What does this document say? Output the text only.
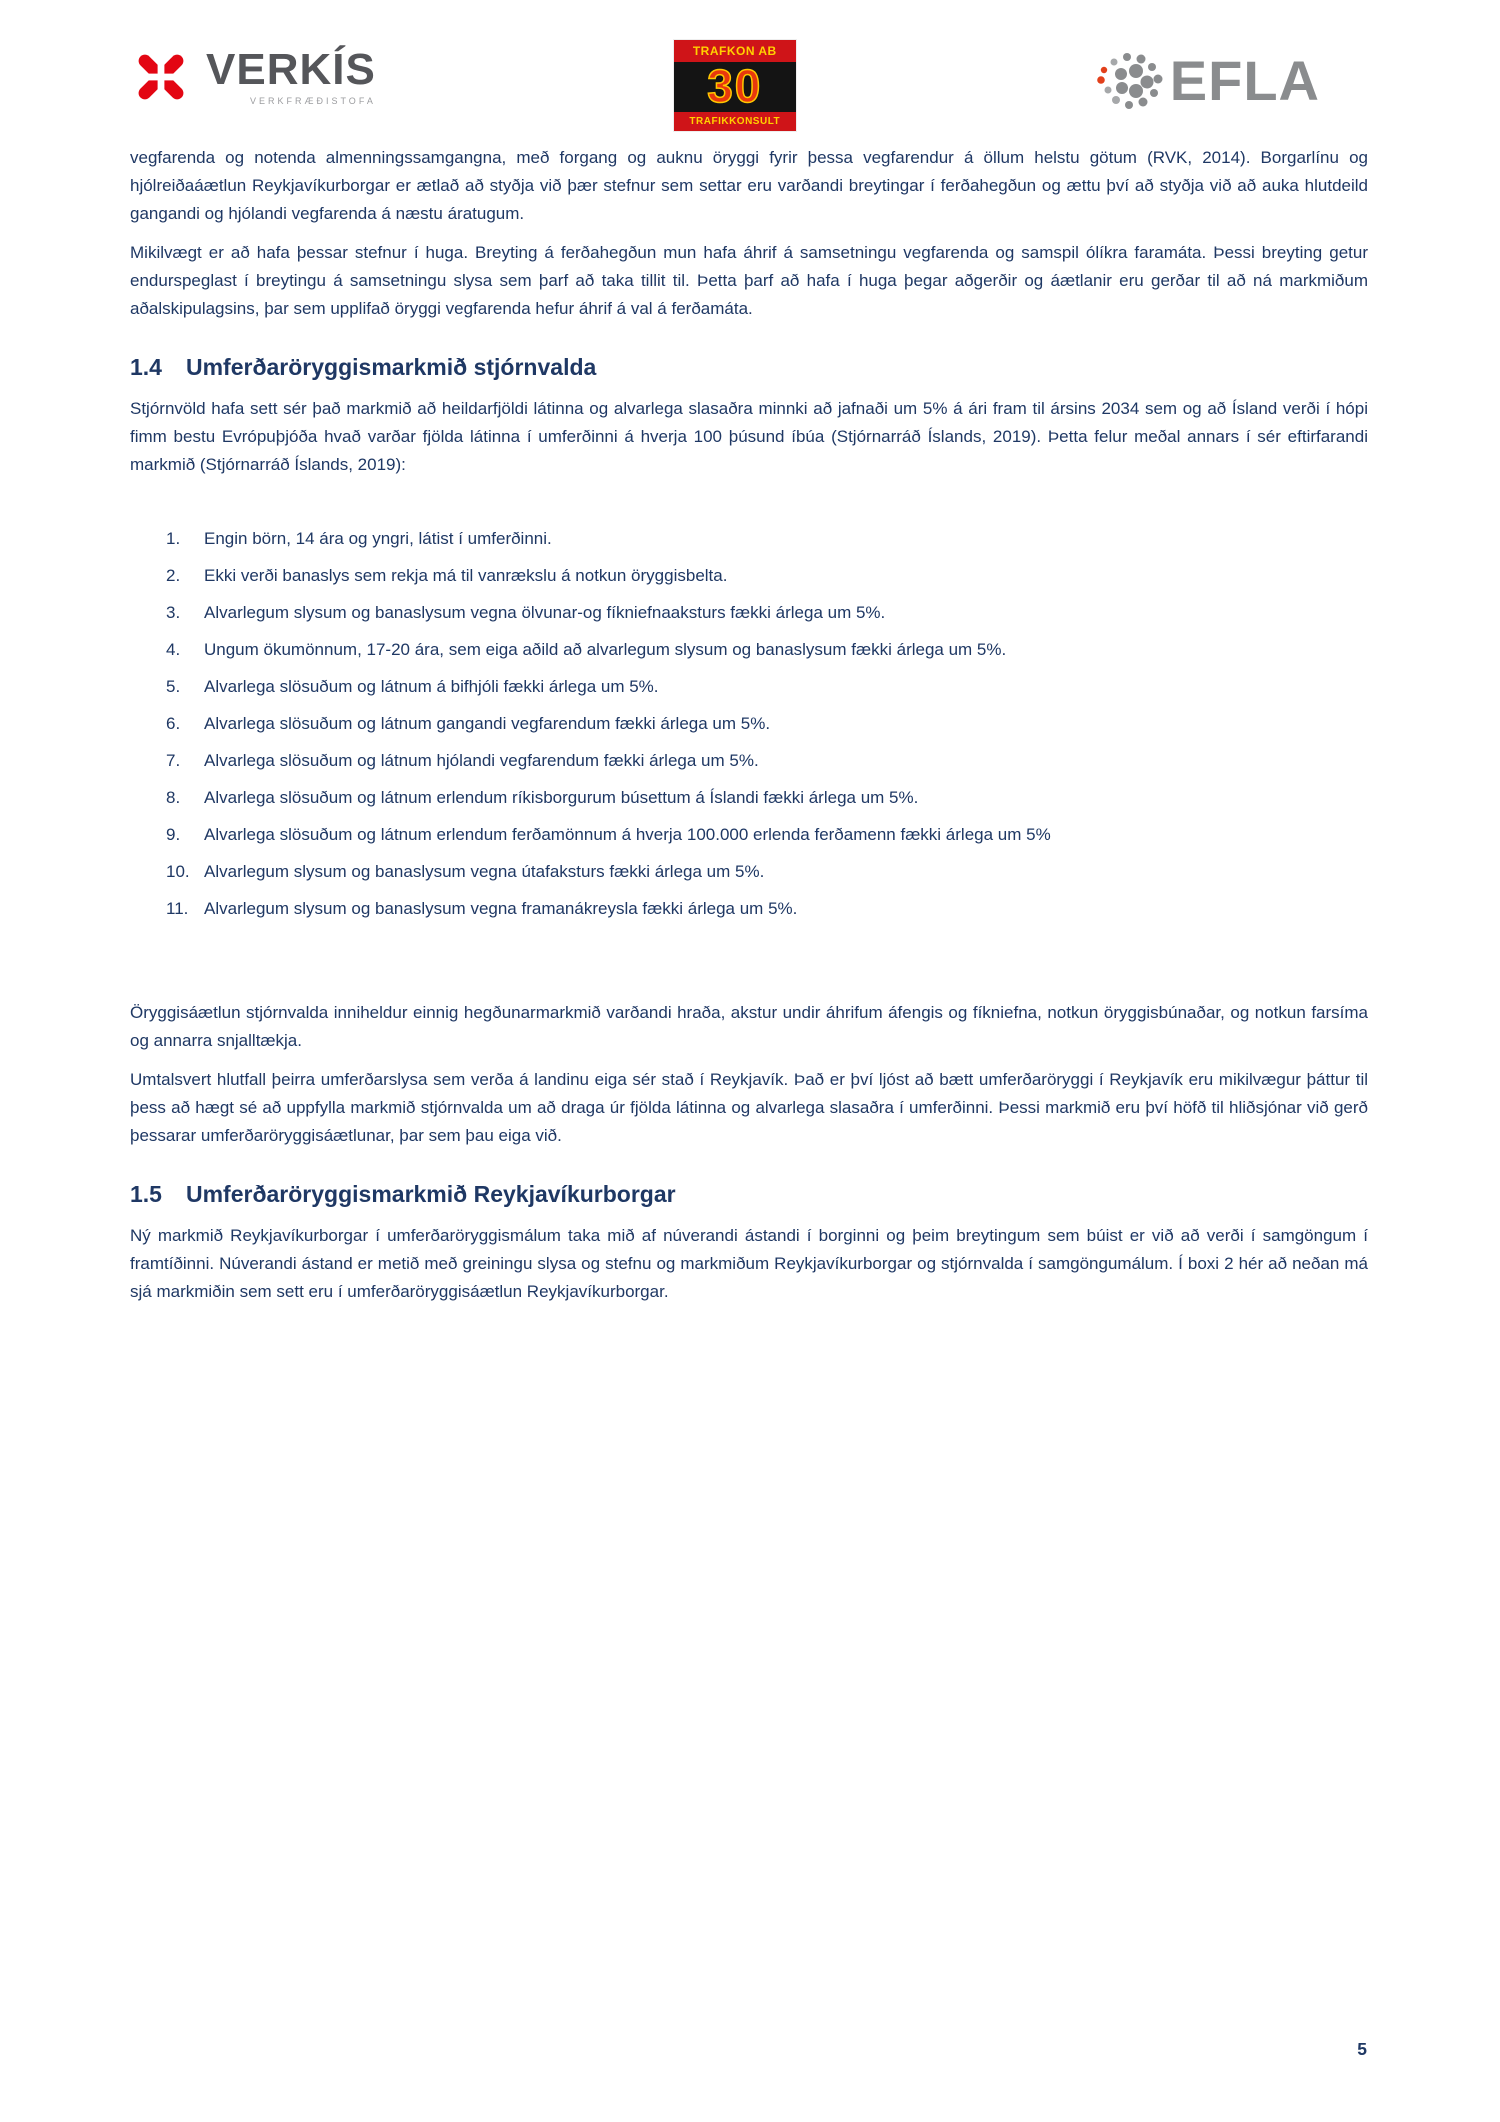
VERKÍS
VERKFRÆÐISTOFA
TRAFKON AB
30
TRAFIKKONSULT
EFLA

vegfarenda og notenda almenningssamgangna, með forgang og auknu öryggi fyrir þessa vegfarendur á öllum helstu götum (RVK, 2014). Borgarlínu og hjólreiðaáætlun Reykjavíkurborgar er ætlað að styðja við þær stefnur sem settar eru varðandi breytingar í ferðahegðun og ættu því að styðja við að auka hlutdeild gangandi og hjólandi vegfarenda á næstu áratugum.

Mikilvægt er að hafa þessar stefnur í huga. Breyting á ferðahegðun mun hafa áhrif á samsetningu vegfarenda og samspil ólíkra faramáta. Þessi breyting getur endurspeglast í breytingu á samsetningu slysa sem þarf að taka tillit til. Þetta þarf að hafa í huga þegar aðgerðir og áætlanir eru gerðar til að ná markmiðum aðalskipulagsins, þar sem upplifað öryggi vegfarenda hefur áhrif á val á ferðamáta.

1.4	Umferðaröryggismarkmið stjórnvalda

Stjórnvöld hafa sett sér það markmið að heildarfjöldi látinna og alvarlega slasaðra minnki að jafnaði um 5% á ári fram til ársins 2034 sem og að Ísland verði í hópi fimm bestu Evrópuþjóða hvað varðar fjölda látinna í umferðinni á hverja 100 þúsund íbúa (Stjórnarráð Íslands, 2019). Þetta felur meðal annars í sér eftirfarandi markmið (Stjórnarráð Íslands, 2019):

Engin börn, 14 ára og yngri, látist í umferðinni.
Ekki verði banaslys sem rekja má til vanrækslu á notkun öryggisbelta.
Alvarlegum slysum og banaslysum vegna ölvunar-og fíkniefnaaksturs fækki árlega um 5%.
Ungum ökumönnum, 17-20 ára, sem eiga aðild að alvarlegum slysum og banaslysum fækki árlega um 5%.
Alvarlega slösuðum og látnum á bifhjóli fækki árlega um 5%.
Alvarlega slösuðum og látnum gangandi vegfarendum fækki árlega um 5%.
Alvarlega slösuðum og látnum hjólandi vegfarendum fækki árlega um 5%.
Alvarlega slösuðum og látnum erlendum ríkisborgurum búsettum á Íslandi fækki árlega um 5%.
Alvarlega slösuðum og látnum erlendum ferðamönnum á hverja 100.000 erlenda ferðamenn fækki árlega um 5%
Alvarlegum slysum og banaslysum vegna útafaksturs fækki árlega um 5%.
Alvarlegum slysum og banaslysum vegna framanákreysla fækki árlega um 5%.

Öryggisáætlun stjórnvalda inniheldur einnig hegðunarmarkmið varðandi hraða, akstur undir áhrifum áfengis og fíkniefna, notkun öryggisbúnaðar, og notkun farsíma og annarra snjalltækja.

Umtalsvert hlutfall þeirra umferðarslysa sem verða á landinu eiga sér stað í Reykjavík. Það er því ljóst að bætt umferðaröryggi í Reykjavík eru mikilvægur þáttur til þess að hægt sé að uppfylla markmið stjórnvalda um að draga úr fjölda látinna og alvarlega slasaðra í umferðinni. Þessi markmið eru því höfð til hliðsjónar við gerð þessarar umferðaröryggisáætlunar, þar sem þau eiga við.

1.5	Umferðaröryggismarkmið Reykjavíkurborgar

Ný markmið Reykjavíkurborgar í umferðaröryggismálum taka mið af núverandi ástandi í borginni og þeim breytingum sem búist er við að verði í samgöngum í framtíðinni. Núverandi ástand er metið með greiningu slysa og stefnu og markmiðum Reykjavíkurborgar og stjórnvalda í samgöngumálum. Í boxi 2 hér að neðan má sjá markmiðin sem sett eru í umferðaröryggisáætlun Reykjavíkurborgar.

5
